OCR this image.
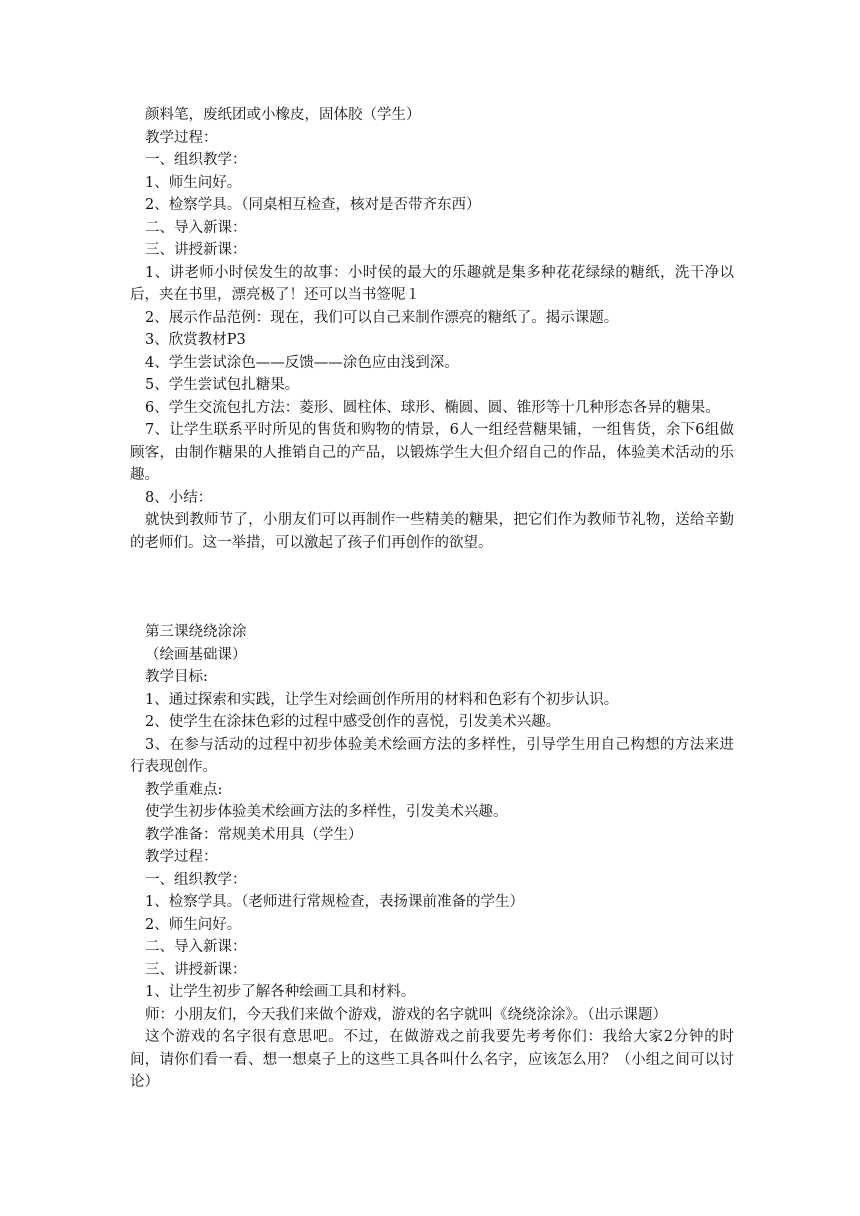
颜料笔，废纸团或小橡皮，固体胶（学生）

教学过程：

一、组织教学：

1、师生问好。

2、检察学具。（同桌相互检查，核对是否带齐东西）

二、导入新课：

三、讲授新课：

1、讲老师小时侯发生的故事：小时侯的最大的乐趣就是集多种花花绿绿的糖纸，洗干净以后，夹在书里，漂亮极了！还可以当书签呢１

2、展示作品范例：现在，我们可以自己来制作漂亮的糖纸了。揭示课题。

3、欣赏教材P3

4、学生尝试涂色——反馈——涂色应由浅到深。

5、学生尝试包扎糖果。

6、学生交流包扎方法：菱形、圆柱体、球形、椭圆、圆、锥形等十几种形态各异的糖果。

7、让学生联系平时所见的售货和购物的情景，6人一组经营糖果铺，一组售货，余下6组做顾客，由制作糖果的人推销自己的产品，以锻炼学生大但介绍自己的作品，体验美术活动的乐趣。

8、小结：

就快到教师节了，小朋友们可以再制作一些精美的糖果，把它们作为教师节礼物，送给辛勤的老师们。这一举措，可以激起了孩子们再创作的欲望。

第三课绕绕涂涂

（绘画基础课）

教学目标:

1、通过探索和实践，让学生对绘画创作所用的材料和色彩有个初步认识。

2、使学生在涂抹色彩的过程中感受创作的喜悦，引发美术兴趣。

3、在参与活动的过程中初步体验美术绘画方法的多样性，引导学生用自己构想的方法来进行表现创作。

教学重难点:

使学生初步体验美术绘画方法的多样性，引发美术兴趣。

教学准备：常规美术用具（学生）

教学过程：

一、组织教学：

1、检察学具。（老师进行常规检查，表扬课前准备的学生）

2、师生问好。

二、导入新课：

三、讲授新课：

1、让学生初步了解各种绘画工具和材料。

师：小朋友们，今天我们来做个游戏，游戏的名字就叫《绕绕涂涂》。（出示课题）

这个游戏的名字很有意思吧。不过，在做游戏之前我要先考考你们：我给大家2分钟的时间，请你们看一看、想一想桌子上的这些工具各叫什么名字，应该怎么用？（小组之间可以讨论）
